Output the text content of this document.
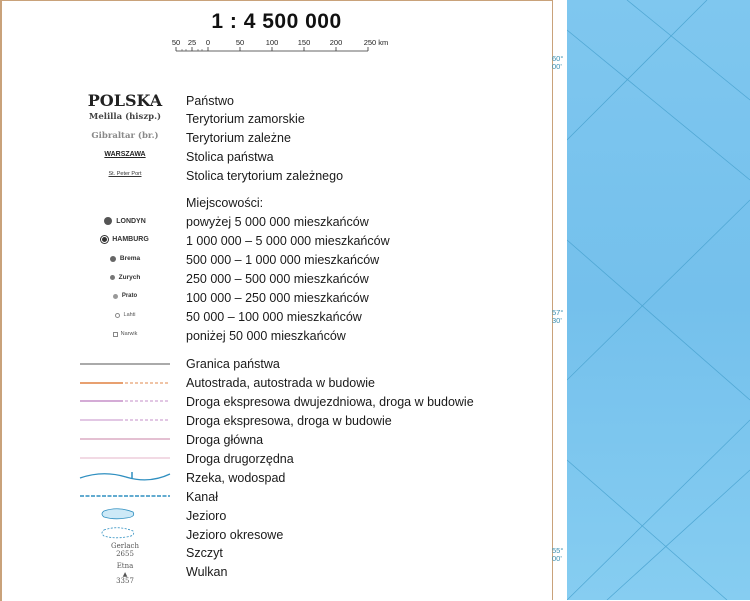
1 : 4 500 000
50 25 0	50	100	150	200	250 km
POLSKA	Państwo
Melilla (hiszp.)	Terytorium zamorskie
Gibraltar (br.)	Terytorium zależne
WARSZAWA	Stolica państwa
St. Peter Port	Stolica terytorium zależnego
Miejscowości:
LONDYN	powyżej 5 000 000 mieszkańców
HAMBURG	1 000 000 – 5 000 000 mieszkańców
Brema	500 000 – 1 000 000 mieszkańców
Zurych	250 000 – 500 000 mieszkańców
Prato	100 000 – 250 000 mieszkańców
Lahti	50 000 – 100 000 mieszkańców
Narwik	poniżej 50 000 mieszkańców
Granica państwa
Autostrada, autostrada w budowie
Droga ekspresowa dwujezdniowa, droga w budowie
Droga ekspresowa, droga w budowie
Droga główna
Droga drugorzędna
Rzeka, wodospad
Kanał
Jezioro
Jezioro okresowe
Gerlach
2655	Szczyt
Etna
▲
3357
Wulkan
60°
00'
57°
30'
55°
00'
